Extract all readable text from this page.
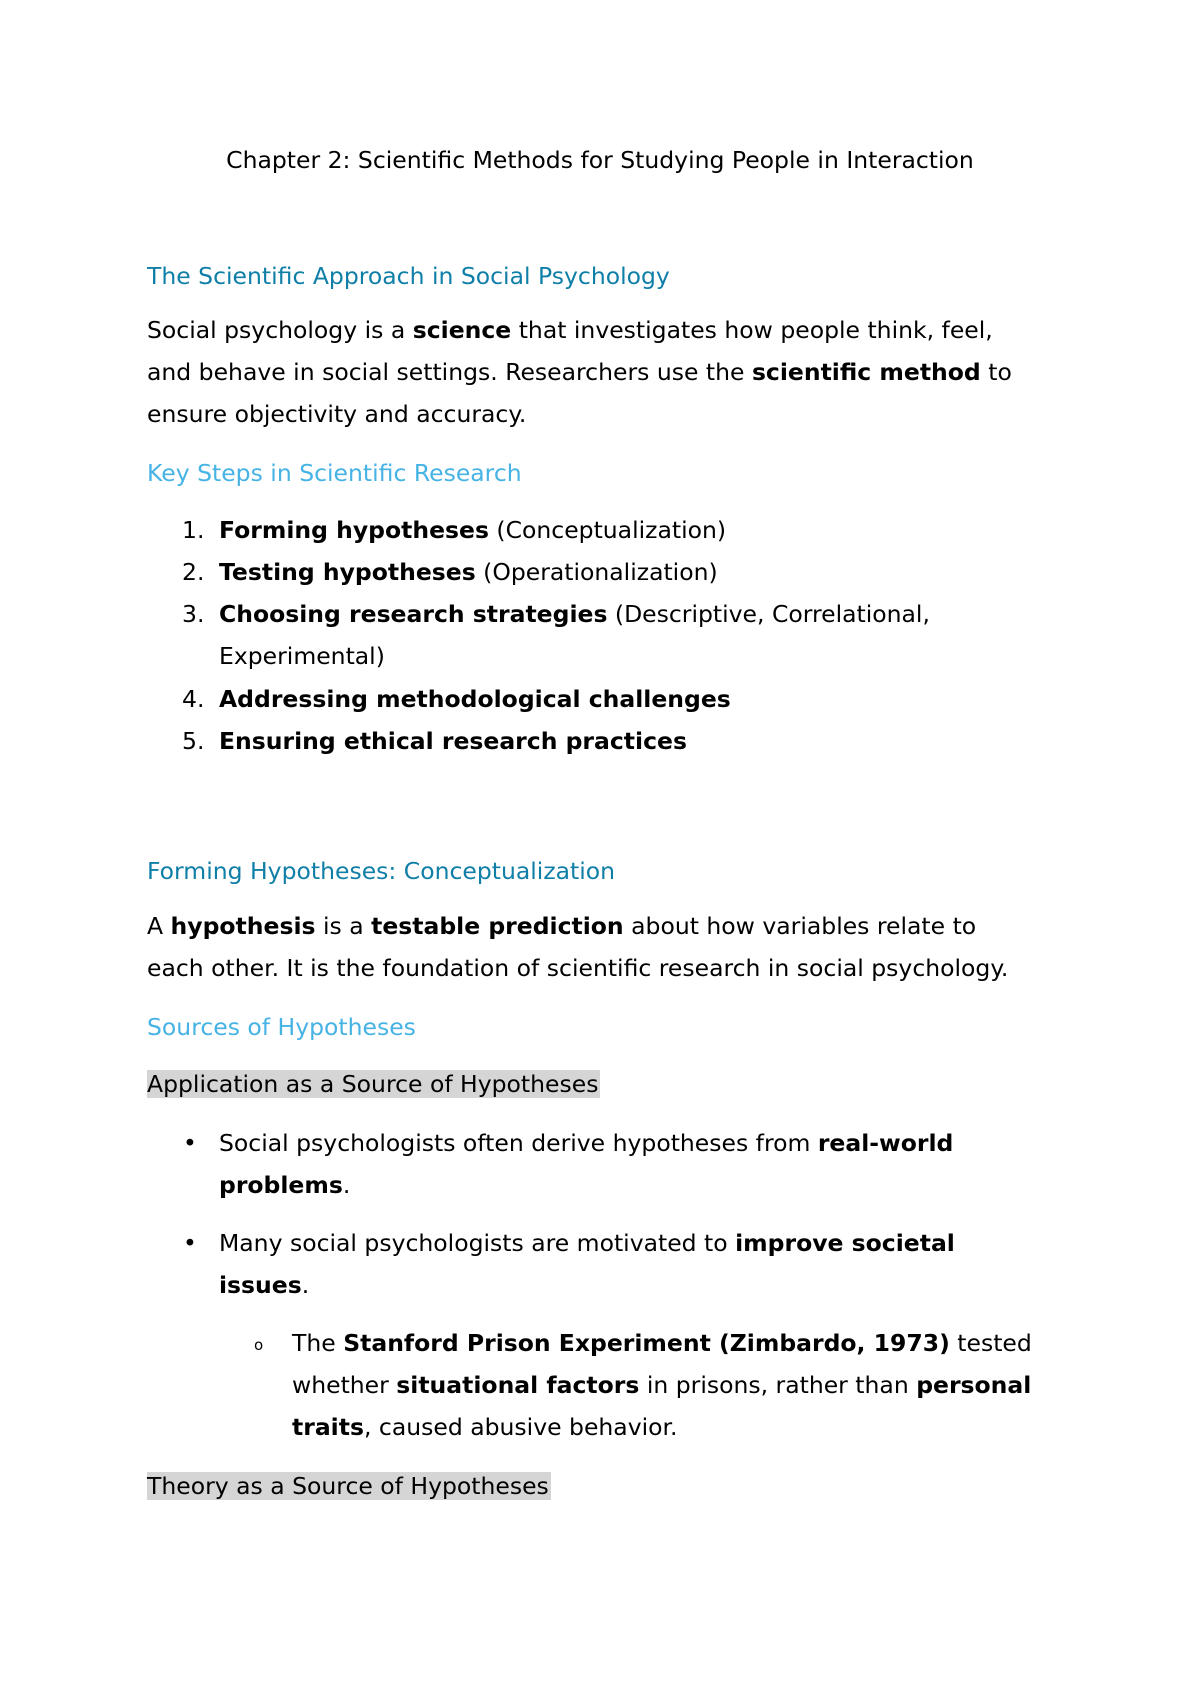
Chapter 2: Scientific Methods for Studying People in Interaction
The Scientific Approach in Social Psychology
Social psychology is a science that investigates how people think, feel,
and behave in social settings. Researchers use the scientific method to
ensure objectivity and accuracy.
Key Steps in Scientific Research
1. Forming hypotheses (Conceptualization)
2. Testing hypotheses (Operationalization)
3. Choosing research strategies (Descriptive, Correlational,
Experimental)
4. Addressing methodological challenges
5. Ensuring ethical research practices
Forming Hypotheses: Conceptualization
A hypothesis is a testable prediction about how variables relate to
each other. It is the foundation of scientific research in social psychology.
Sources of Hypotheses
Application as a Source of Hypotheses
• Social psychologists often derive hypotheses from real-world
problems.
• Many social psychologists are motivated to improve societal
issues.
o The Stanford Prison Experiment (Zimbardo, 1973) tested
whether situational factors in prisons, rather than personal
traits, caused abusive behavior.
Theory as a Source of Hypotheses
